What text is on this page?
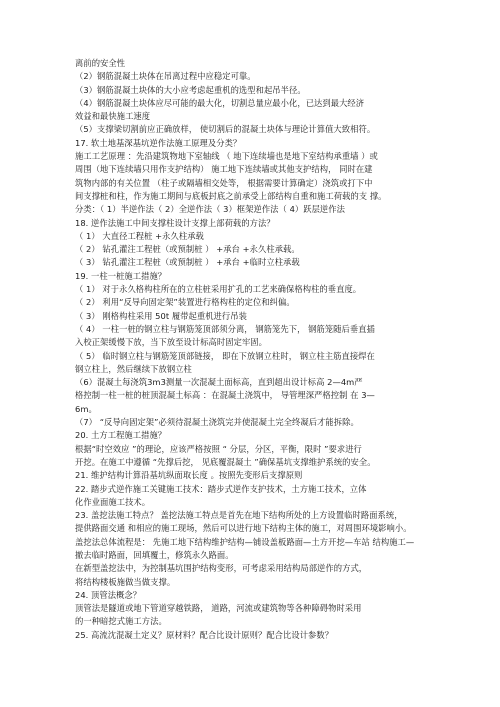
离前的安全性
（2）钢筋混凝土块体在吊离过程中应稳定可靠。
（3）钢筋混凝土块体的大小应考虑起重机的选型和起吊半径。
（4）钢筋混凝土块体应尽可能的最大化，切割总量应最小化，已达到最大经济
效益和最快施工速度
（5）支撑梁切割前应正确放样， 使切割后的混凝土块体与理论计算值大致相符。
17. 软土地基深基坑逆作法施工原理及分类？
施工工艺原理 ：先沿建筑物地下室轴线 （ 地下连续墙也是地下室结构承重墙 ）或
周围（地下连续墙只用作支护结构） 施工地下连续墙或其他支护结构， 同时在建
筑物内部的有关位置 （柱子或隔墙相交处等， 根据需要计算确定）浇筑或打下中
间支撑桩和柱，作为施工期间与底板封底之前承受上部结构自重和施工荷载的支 撑。
分类：（ 1）半逆作法（ 2）全逆作法（ 3）框架逆作法（ 4）跃层逆作法
18. 逆作法施工中间支撑柱设计支撑上部荷载的方法？
（ 1） 大直径工程桩 +永久柱承载
（ 2） 钻孔灌注工程桩（或预制桩 ） +承台 +永久柱承载。
（ 3） 钻孔灌注工程桩（或预制桩 ） +承台 +临时立柱承载
19. 一柱一桩施工措施？
（ 1） 对于永久格构柱所在的立柱桩采用扩孔的工艺来确保格构柱的垂直度。
（ 2） 利用“反导向固定架”装置进行格构柱的定位和纠偏。
（ 3） 刚格构柱采用 50t 履带起重机进行吊装
（ 4） 一柱一桩的钢立柱与钢筋笼顶部须分离， 钢筋笼先下， 钢筋笼随后垂直插
入校正架缓慢下放，当下放至设计标高时固定牢固。
（ 5） 临时钢立柱与钢筋笼顶部链接， 即在下放钢立柱时， 钢立柱主筋直接焊在
钢立柱上，然后继续下放钢立柱
（6）混凝土每浇筑3m3测量一次混凝土面标高，直到超出设计标高 2—4m严
格控制一柱一桩的桩顶混凝土标高 ：在混凝土浇筑中， 导管埋深严格控制 在 3—
6m。
（7） “反导向固定架”必须待混凝土浇筑完并使混凝土完全终凝后才能拆除。
20. 土方工程施工措施？
根据“时空效应 ”的理论，应该严格按照 “ 分层，分区，平衡，限时 ”要求进行
开挖。在施工中遵循 “先撑后挖， 见底覆混凝土 ”确保基坑支撑维护系统的安全。
21. 维护结构计算沿基坑纵面取长度 。按照先变形后支撑原则
22. 踏步式逆作施工关键施工技术：踏步式逆作支护技术，土方施工技术，立体
化作业面施工技术。
23. 盖挖法施工特点？ 盖挖法施工特点是首先在地下结构所处的上方设置临时路面系统，
提供路面交通 和相应的施工现场，然后可以进行地下结构主体的施工，对周围环境影响小。
盖挖法总体流程是： 先施工地下结构维护结构—铺设盖板路面—土方开挖—车站 结构施工—
撤去临时路面，回填覆土，修筑永久路面。
在新型盖挖法中，为控制基坑围护结构变形，可考虑采用结构局部逆作的方式，
将结构楼板施做当做支撑。
24. 顶管法概念？
顶管法是隧道或地下管道穿越铁路， 道路，河流或建筑物等各种障碍物时采用
的一种暗挖式施工方法。
25. 高流沈混凝土定义？原材料？配合比设计原则？配合比设计参数？
